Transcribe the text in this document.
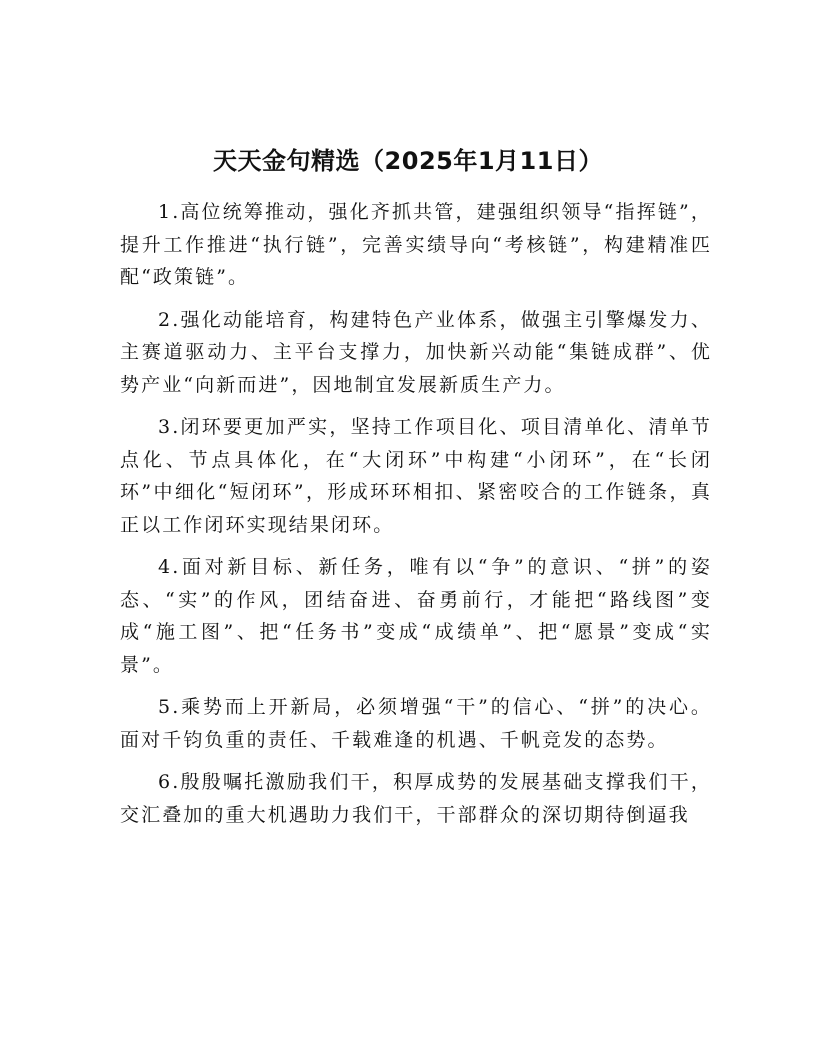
天天金句精选（2025年1月11日）

1.高位统筹推动，强化齐抓共管，建强组织领导“指挥链”，提升工作推进“执行链”，完善实绩导向“考核链”，构建精准匹配“政策链”。

2.强化动能培育，构建特色产业体系，做强主引擎爆发力、主赛道驱动力、主平台支撑力，加快新兴动能“集链成群”、优势产业“向新而进”，因地制宜发展新质生产力。

3.闭环要更加严实，坚持工作项目化、项目清单化、清单节点化、节点具体化，在“大闭环”中构建“小闭环”，在“长闭环”中细化“短闭环”，形成环环相扣、紧密咬合的工作链条，真正以工作闭环实现结果闭环。

4.面对新目标、新任务，唯有以“争”的意识、“拼”的姿态、“实”的作风，团结奋进、奋勇前行，才能把“路线图”变成“施工图”、把“任务书”变成“成绩单”、把“愿景”变成“实景”。

5.乘势而上开新局，必须增强“干”的信心、“拼”的决心。面对千钧负重的责任、千载难逢的机遇、千帆竞发的态势。

6.殷殷嘱托激励我们干，积厚成势的发展基础支撑我们干，交汇叠加的重大机遇助力我们干，干部群众的深切期待倒逼我
